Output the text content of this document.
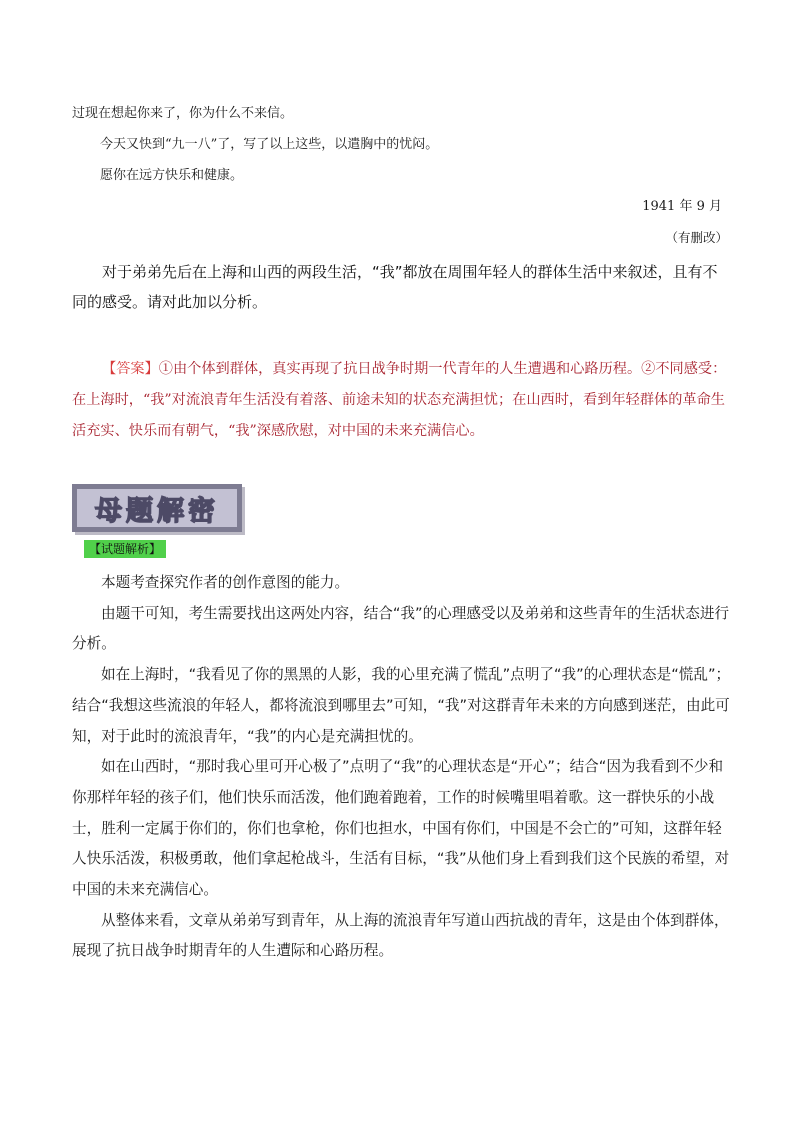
过现在想起你来了，你为什么不来信。

今天又快到“九一八”了，写了以上这些，以遣胸中的忧闷。

愿你在远方快乐和健康。

1941 年 9 月

（有删改）

对于弟弟先后在上海和山西的两段生活，“我”都放在周围年轻人的群体生活中来叙述，且有不同的感受。请对此加以分析。

【答案】①由个体到群体，真实再现了抗日战争时期一代青年的人生遭遇和心路历程。②不同感受：在上海时，“我”对流浪青年生活没有着落、前途未知的状态充满担忧；在山西时，看到年轻群体的革命生活充实、快乐而有朝气，“我”深感欣慰，对中国的未来充满信心。

母题解密
【试题解析】

本题考查探究作者的创作意图的能力。

由题干可知，考生需要找出这两处内容，结合“我”的心理感受以及弟弟和这些青年的生活状态进行分析。

如在上海时，“我看见了你的黑黑的人影，我的心里充满了慌乱”点明了“我”的心理状态是“慌乱”；结合“我想这些流浪的年轻人，都将流浪到哪里去”可知，“我”对这群青年未来的方向感到迷茫，由此可知，对于此时的流浪青年，“我”的内心是充满担忧的。

如在山西时，“那时我心里可开心极了”点明了“我”的心理状态是“开心”；结合“因为我看到不少和你那样年轻的孩子们，他们快乐而活泼，他们跑着跑着，工作的时候嘴里唱着歌。这一群快乐的小战士，胜利一定属于你们的，你们也拿枪，你们也担水，中国有你们，中国是不会亡的”可知，这群年轻人快乐活泼，积极勇敢，他们拿起枪战斗，生活有目标，“我”从他们身上看到我们这个民族的希望，对中国的未来充满信心。

从整体来看，文章从弟弟写到青年，从上海的流浪青年写道山西抗战的青年，这是由个体到群体，展现了抗日战争时期青年的人生遭际和心路历程。
